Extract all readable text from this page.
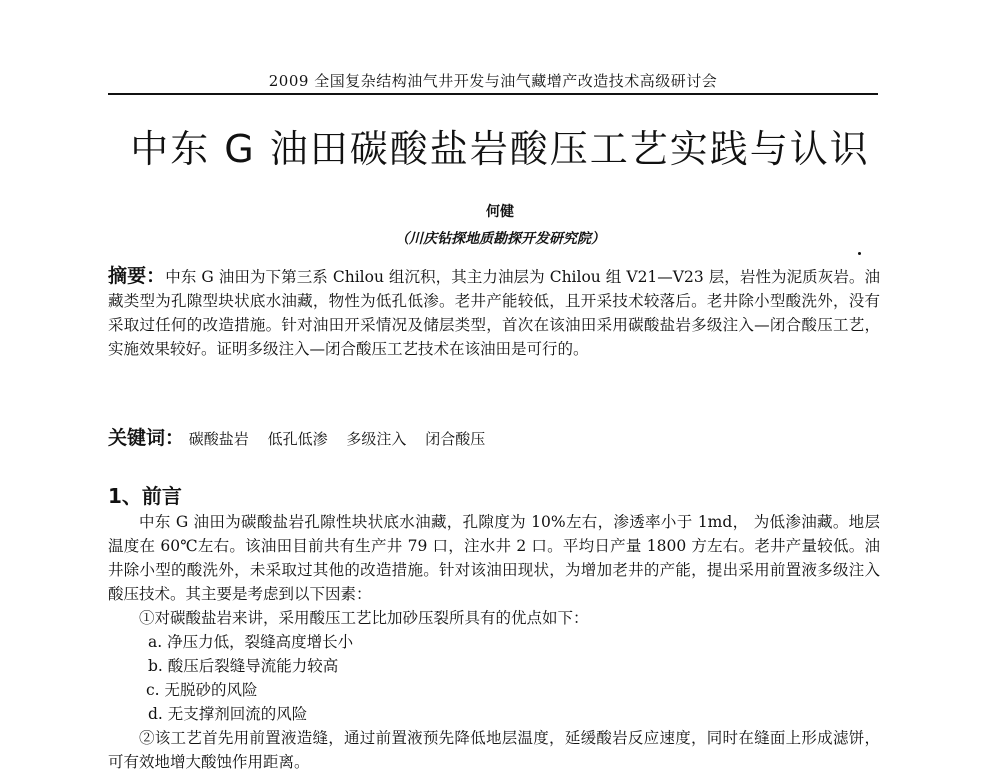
2009 全国复杂结构油气井开发与油气藏增产改造技术高级研讨会
中东 G 油田碳酸盐岩酸压工艺实践与认识
何健
（川庆钻探地质勘探开发研究院）
摘要：中东 G 油田为下第三系 Chilou 组沉积，其主力油层为 Chilou 组 V21—V23 层，岩性为泥质灰岩。油藏类型为孔隙型块状底水油藏，物性为低孔低渗。老井产能较低，且开采技术较落后。老井除小型酸洗外，没有采取过任何的改造措施。针对油田开采情况及储层类型，首次在该油田采用碳酸盐岩多级注入—闭合酸压工艺，实施效果较好。证明多级注入—闭合酸压工艺技术在该油田是可行的。
关键词： 碳酸盐岩 低孔低渗 多级注入 闭合酸压
1、前言

中东 G 油田为碳酸盐岩孔隙性块状底水油藏，孔隙度为 10%左右，渗透率小于 1md， 为低渗油藏。地层温度在 60℃左右。该油田目前共有生产井 79 口，注水井 2 口。平均日产量 1800 方左右。老井产量较低。油井除小型的酸洗外，未采取过其他的改造措施。针对该油田现状，为增加老井的产能，提出采用前置液多级注入酸压技术。其主要是考虑到以下因素：

①对碳酸盐岩来讲，采用酸压工艺比加砂压裂所具有的优点如下：

a. 净压力低，裂缝高度增长小
b. 酸压后裂缝导流能力较高
c. 无脱砂的风险
d. 无支撑剂回流的风险

②该工艺首先用前置液造缝，通过前置液预先降低地层温度，延缓酸岩反应速度，同时在缝面上形成滤饼，可有效地增大酸蚀作用距离。
